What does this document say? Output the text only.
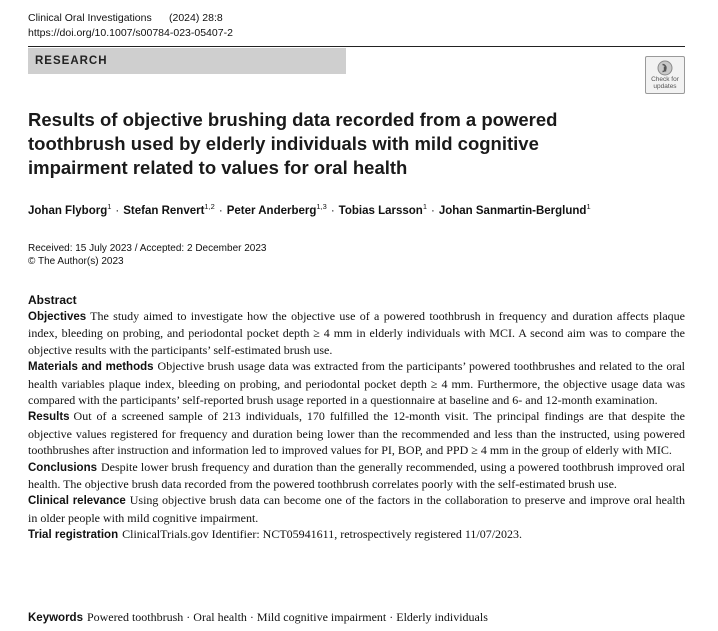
Clinical Oral Investigations (2024) 28:8
https://doi.org/10.1007/s00784-023-05407-2
RESEARCH
Check for
updates
Results of objective brushing data recorded from a powered toothbrush used by elderly individuals with mild cognitive impairment related to values for oral health
Johan Flyborg$^1$ · Stefan Renvert$^{1,2}$ · Peter Anderberg$^{1,3}$ · Tobias Larsson$^1$ · Johan Sanmartin-Berglund$^1$
Received: 15 July 2023 / Accepted: 2 December 2023
© The Author(s) 2023
Abstract

Objectives The study aimed to investigate how the objective use of a powered toothbrush in frequency and duration affects plaque index, bleeding on probing, and periodontal pocket depth ≥ 4 mm in elderly individuals with MCI. A second aim was to compare the objective results with the participants’ self-estimated brush use.

Materials and methods Objective brush usage data was extracted from the participants’ powered toothbrushes and related to the oral health variables plaque index, bleeding on probing, and periodontal pocket depth ≥ 4 mm. Furthermore, the objective usage data was compared with the participants’ self-reported brush usage reported in a questionnaire at baseline and 6- and 12-month examination.

Results Out of a screened sample of 213 individuals, 170 fulfilled the 12-month visit. The principal findings are that despite the objective values registered for frequency and duration being lower than the recommended and less than the instructed, using powered toothbrushes after instruction and information led to improved values for PI, BOP, and PPD ≥ 4 mm in the group of elderly with MIC.

Conclusions Despite lower brush frequency and duration than the generally recommended, using a powered toothbrush improved oral health. The objective brush data recorded from the powered toothbrush correlates poorly with the self-estimated brush use.

Clinical relevance Using objective brush data can become one of the factors in the collaboration to preserve and improve oral health in older people with mild cognitive impairment.

Trial registration ClinicalTrials.gov Identifier: NCT05941611, retrospectively registered 11/07/2023.

Keywords Powered toothbrush · Oral health · Mild cognitive impairment · Elderly individuals
